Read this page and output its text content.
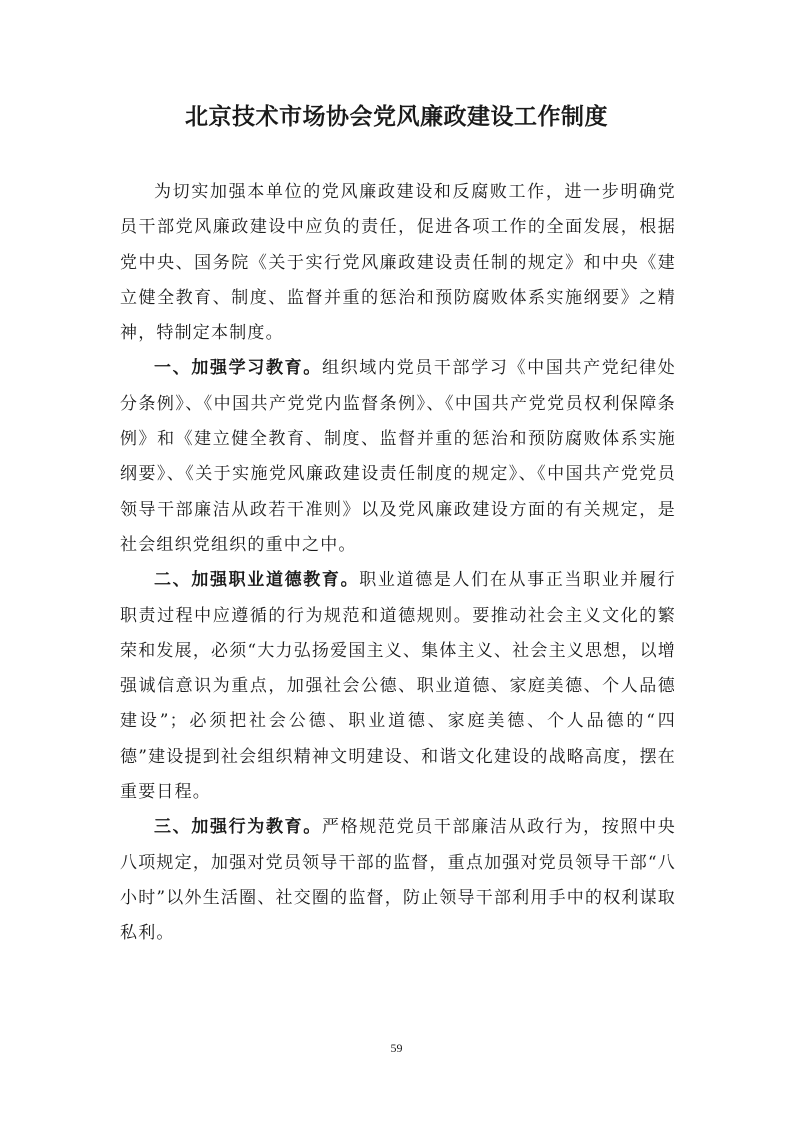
北京技术市场协会党风廉政建设工作制度

为切实加强本单位的党风廉政建设和反腐败工作，进一步明确党员干部党风廉政建设中应负的责任，促进各项工作的全面发展，根据党中央、国务院《关于实行党风廉政建设责任制的规定》和中央《建立健全教育、制度、监督并重的惩治和预防腐败体系实施纲要》之精神，特制定本制度。

一、加强学习教育。组织域内党员干部学习《中国共产党纪律处分条例》、《中国共产党党内监督条例》、《中国共产党党员权利保障条例》和《建立健全教育、制度、监督并重的惩治和预防腐败体系实施纲要》、《关于实施党风廉政建设责任制度的规定》、《中国共产党党员领导干部廉洁从政若干准则》以及党风廉政建设方面的有关规定，是社会组织党组织的重中之中。

二、加强职业道德教育。职业道德是人们在从事正当职业并履行职责过程中应遵循的行为规范和道德规则。要推动社会主义文化的繁荣和发展，必须“大力弘扬爱国主义、集体主义、社会主义思想，以增强诚信意识为重点，加强社会公德、职业道德、家庭美德、个人品德建设”；必须把社会公德、职业道德、家庭美德、个人品德的“四德”建设提到社会组织精神文明建设、和谐文化建设的战略高度，摆在重要日程。

三、加强行为教育。严格规范党员干部廉洁从政行为，按照中央八项规定，加强对党员领导干部的监督，重点加强对党员领导干部“八小时”以外生活圈、社交圈的监督，防止领导干部利用手中的权利谋取私利。

59
